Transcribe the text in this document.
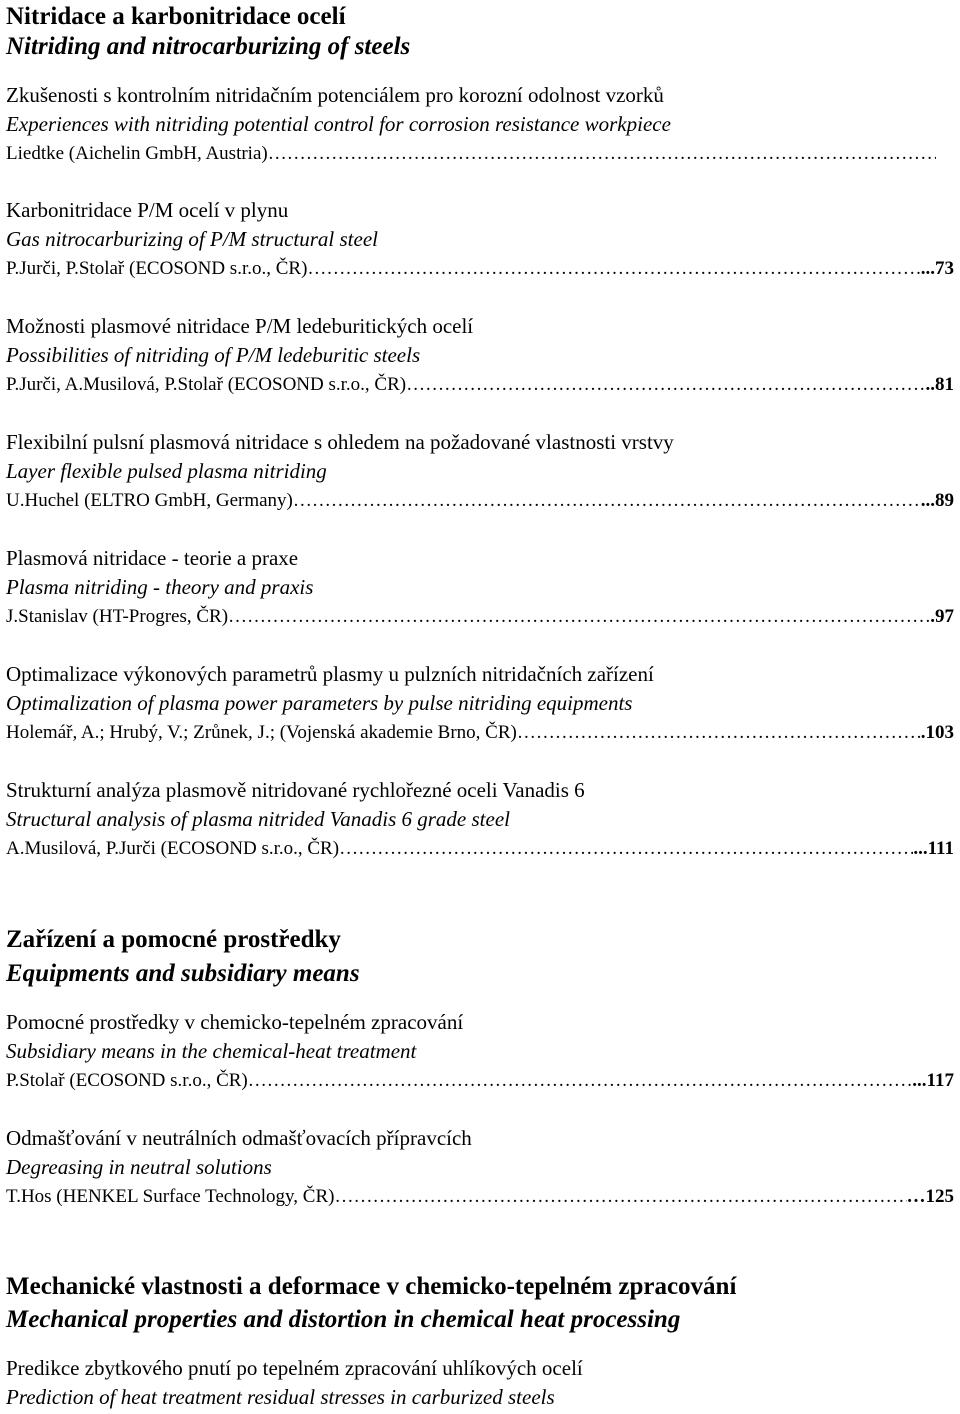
Nitridace a karbonitridace ocelí
Nitriding and nitrocarburizing of steels
Zkušenosti s kontrolním nitridačním potenciálem pro korozní odolnost vzorků
Experiences with nitriding potential control for corrosion resistance workpiece
Liedtke (Aichelin GmbH, Austria)
…………………………………………………………………………………………………………………………………………………
Karbonitridace P/M ocelí v plynu
Gas nitrocarburizing of P/M structural steel
P.Jurči, P.Stolař (ECOSOND s.r.o., ČR) …………………………………………………………………………………………………………………………………………………	...73
Možnosti plasmové nitridace P/M ledeburitických ocelí
Possibilities of nitriding of P/M ledeburitic steels
P.Jurči, A.Musilová, P.Stolař (ECOSOND s.r.o., ČR) …………………………………………………………………………………………………………………………………………………	..81
Flexibilní pulsní plasmová nitridace s ohledem na požadované vlastnosti vrstvy
Layer flexible pulsed plasma nitriding
U.Huchel (ELTRO GmbH, Germany) …………………………………………………………………………………………………………………………………………………	...89
Plasmová nitridace - teorie a praxe
Plasma nitriding - theory and praxis
J.Stanislav (HT-Progres, ČR) …………………………………………………………………………………………………………………………………………………	.97
Optimalizace výkonových parametrů plasmy u pulzních nitridačních zařízení
Optimalization of plasma power parameters by pulse nitriding equipments
Holemář, A.; Hrubý, V.; Zrůnek, J.; (Vojenská akademie Brno, ČR) …………………………………………………………………………………………………………………………………………………	.103
Strukturní analýza plasmově nitridované rychlořezné oceli Vanadis 6
Structural analysis of plasma nitrided Vanadis 6 grade steel
A.Musilová, P.Jurči (ECOSOND s.r.o., ČR) …………………………………………………………………………………………………………………………………………………	...111
Zařízení a pomocné prostředky
Equipments and subsidiary means
Pomocné prostředky v chemicko-tepelném zpracování
Subsidiary means in the chemical-heat treatment
P.Stolař (ECOSOND s.r.o., ČR) …………………………………………………………………………………………………………………………………………………	...117
Odmašťování v neutrálních odmašťovacích přípravcích
Degreasing in neutral solutions
T.Hos (HENKEL Surface Technology, ČR) …………………………………………………………………………………………………………………………………………………	…125
Mechanické vlastnosti a deformace v chemicko-tepelném zpracování
Mechanical properties and distortion in chemical heat processing
Predikce zbytkového pnutí po tepelném zpracování uhlíkových ocelí
Prediction of heat treatment residual stresses in carburized steels
